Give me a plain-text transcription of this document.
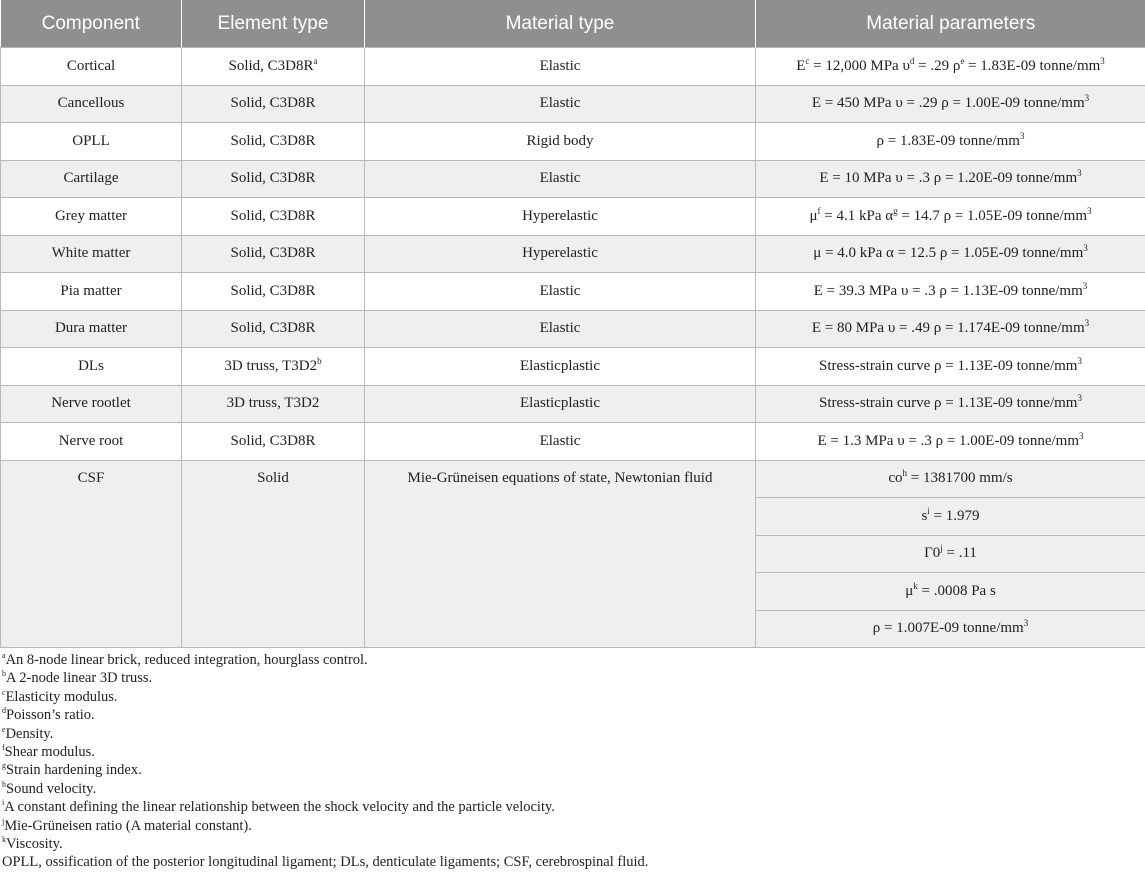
Component	Element type	Material type	Material parameters
Cortical	Solid, $C3D8R^a$	Elastic	$E^c = 12,000$ MPa $\upsilon^d = .29$ $\rho^e = 1.83E-09$ tonne/$mm^3$
Cancellous	Solid, C3D8R	Elastic	E = 450 MPa υ = .29 ρ = 1.00E-09 tonne/$mm^3$
OPLL	Solid, C3D8R	Rigid body	ρ = 1.83E-09 tonne/$mm^3$
Cartilage	Solid, C3D8R	Elastic	E = 10 MPa υ = .3 ρ = 1.20E-09 tonne/$mm^3$
Grey matter	Solid, C3D8R	Hyperelastic	$\mu^f = 4.1$ kPa $\alpha^g = 14.7$ ρ = 1.05E-09 tonne/$mm^3$
White matter	Solid, C3D8R	Hyperelastic	μ = 4.0 kPa α = 12.5 ρ = 1.05E-09 tonne/$mm^3$
Pia matter	Solid, C3D8R	Elastic	E = 39.3 MPa υ = .3 ρ = 1.13E-09 tonne/$mm^3$
Dura matter	Solid, C3D8R	Elastic	E = 80 MPa υ = .49 ρ = 1.174E-09 tonne/$mm^3$
DLs	3D truss, T3D2$^b$	Elasticplastic	Stress-strain curve ρ = 1.13E-09 tonne/$mm^3$
Nerve rootlet	3D truss, T3D2	Elasticplastic	Stress-strain curve ρ = 1.13E-09 tonne/$mm^3$
Nerve root	Solid, C3D8R	Elastic	E = 1.3 MPa υ = .3 ρ = 1.00E-09 tonne/$mm^3$
CSF	Solid	Mie-Grüneisen equations of state, Newtonian fluid	$co^h = 1381700$ mm/s
			$s^i = 1.979$
			$\Gamma 0^j = .11$
			$\mu^k = .0008$ Pa s
			ρ = 1.007E-09 tonne/$mm^3$
$^a$An 8-node linear brick, reduced integration, hourglass control.
$^b$A 2-node linear 3D truss.
$^c$Elasticity modulus.
$^d$Poisson’s ratio.
$^e$Density.
$^f$Shear modulus.
$^g$Strain hardening index.
$^h$Sound velocity.
$^i$A constant defining the linear relationship between the shock velocity and the particle velocity.
$^j$Mie-Grüneisen ratio (A material constant).
$^k$Viscosity.
OPLL, ossification of the posterior longitudinal ligament; DLs, denticulate ligaments; CSF, cerebrospinal fluid.
